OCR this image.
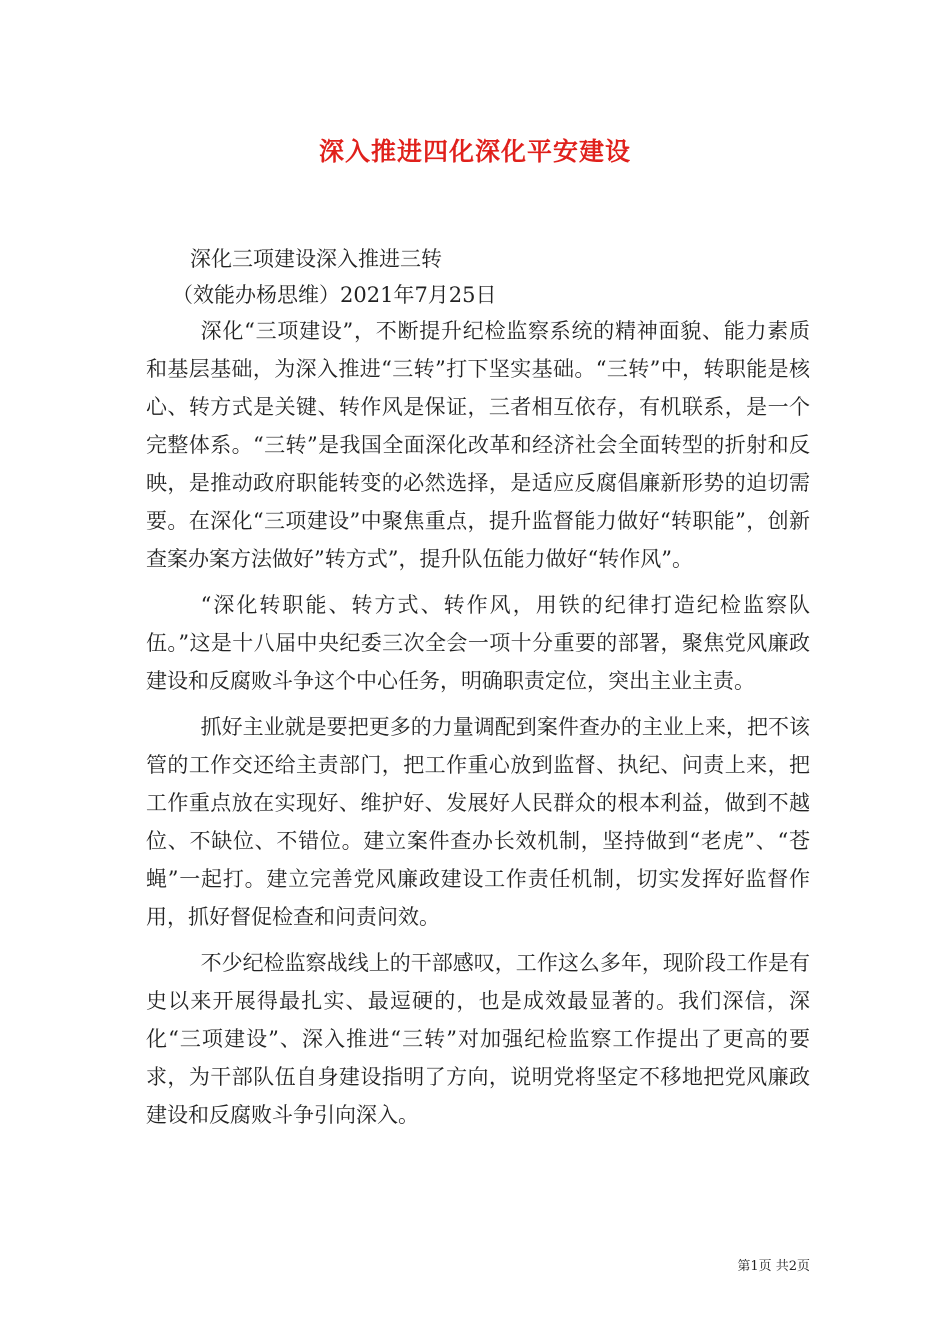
深入推进四化深化平安建设
深化三项建设深入推进三转
（效能办杨思维）2021年7月25日

深化“三项建设”，不断提升纪检监察系统的精神面貌、能力素质和基层基础，为深入推进“三转”打下坚实基础。“三转”中，转职能是核心、转方式是关键、转作风是保证，三者相互依存，有机联系，是一个完整体系。“三转”是我国全面深化改革和经济社会全面转型的折射和反映，是推动政府职能转变的必然选择，是适应反腐倡廉新形势的迫切需要。在深化“三项建设”中聚焦重点，提升监督能力做好“转职能”，创新查案办案方法做好”转方式”，提升队伍能力做好“转作风”。

“深化转职能、转方式、转作风，用铁的纪律打造纪检监察队伍。”这是十八届中央纪委三次全会一项十分重要的部署，聚焦党风廉政建设和反腐败斗争这个中心任务，明确职责定位，突出主业主责。

抓好主业就是要把更多的力量调配到案件查办的主业上来，把不该管的工作交还给主责部门，把工作重心放到监督、执纪、问责上来，把工作重点放在实现好、维护好、发展好人民群众的根本利益，做到不越位、不缺位、不错位。建立案件查办长效机制，坚持做到“老虎”、“苍蝇”一起打。建立完善党风廉政建设工作责任机制，切实发挥好监督作用，抓好督促检查和问责问效。

不少纪检监察战线上的干部感叹，工作这么多年，现阶段工作是有史以来开展得最扎实、最逗硬的，也是成效最显著的。我们深信，深化“三项建设”、深入推进“三转”对加强纪检监察工作提出了更高的要求，为干部队伍自身建设指明了方向，说明党将坚定不移地把党风廉政建设和反腐败斗争引向深入。

第1页 共2页
